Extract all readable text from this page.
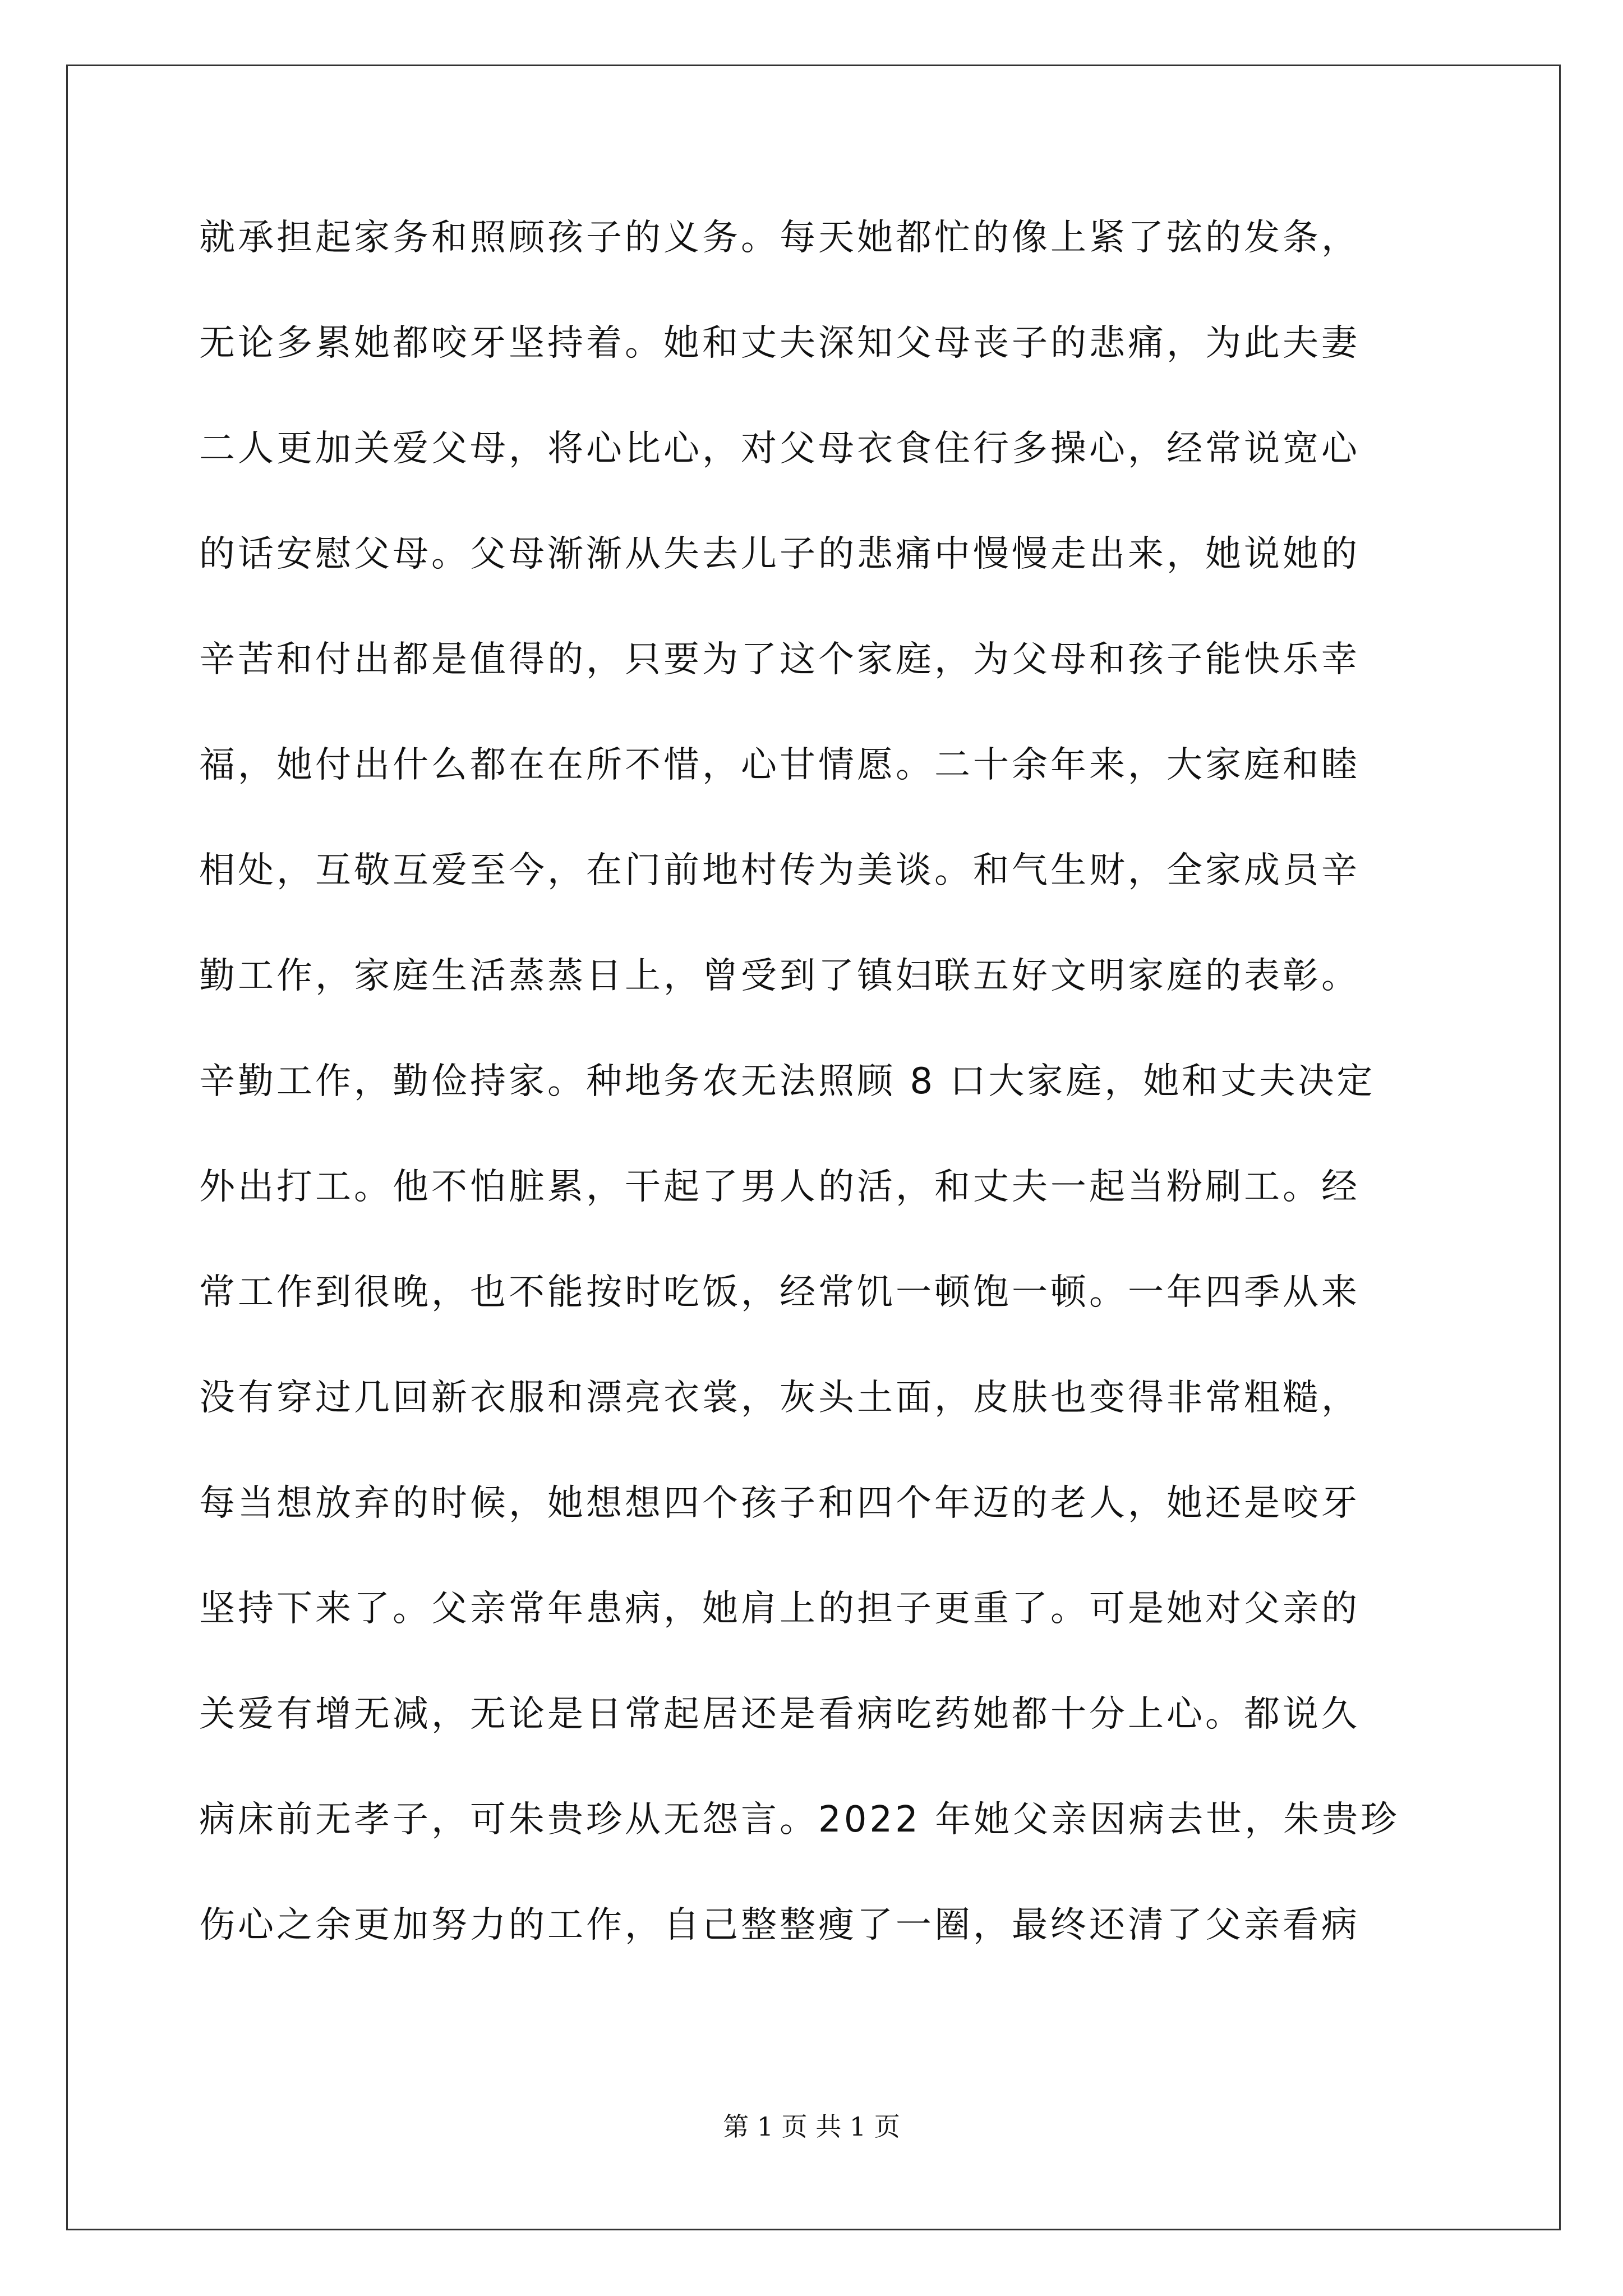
就承担起家务和照顾孩子的义务。每天她都忙的像上紧了弦的发条，
无论多累她都咬牙坚持着。她和丈夫深知父母丧子的悲痛，为此夫妻
二人更加关爱父母，将心比心，对父母衣食住行多操心，经常说宽心
的话安慰父母。父母渐渐从失去儿子的悲痛中慢慢走出来，她说她的
辛苦和付出都是值得的，只要为了这个家庭，为父母和孩子能快乐幸
福，她付出什么都在在所不惜，心甘情愿。二十余年来，大家庭和睦
相处，互敬互爱至今，在门前地村传为美谈。和气生财，全家成员辛
勤工作，家庭生活蒸蒸日上，曾受到了镇妇联五好文明家庭的表彰。
辛勤工作，勤俭持家。种地务农无法照顾 8 口大家庭，她和丈夫决定
外出打工。他不怕脏累，干起了男人的活，和丈夫一起当粉刷工。经
常工作到很晚，也不能按时吃饭，经常饥一顿饱一顿。一年四季从来
没有穿过几回新衣服和漂亮衣裳，灰头土面，皮肤也变得非常粗糙，
每当想放弃的时候，她想想四个孩子和四个年迈的老人，她还是咬牙
坚持下来了。父亲常年患病，她肩上的担子更重了。可是她对父亲的
关爱有增无减，无论是日常起居还是看病吃药她都十分上心。都说久
病床前无孝子，可朱贵珍从无怨言。2022 年她父亲因病去世，朱贵珍
伤心之余更加努力的工作，自己整整瘦了一圈，最终还清了父亲看病
第 1 页 共 1 页
